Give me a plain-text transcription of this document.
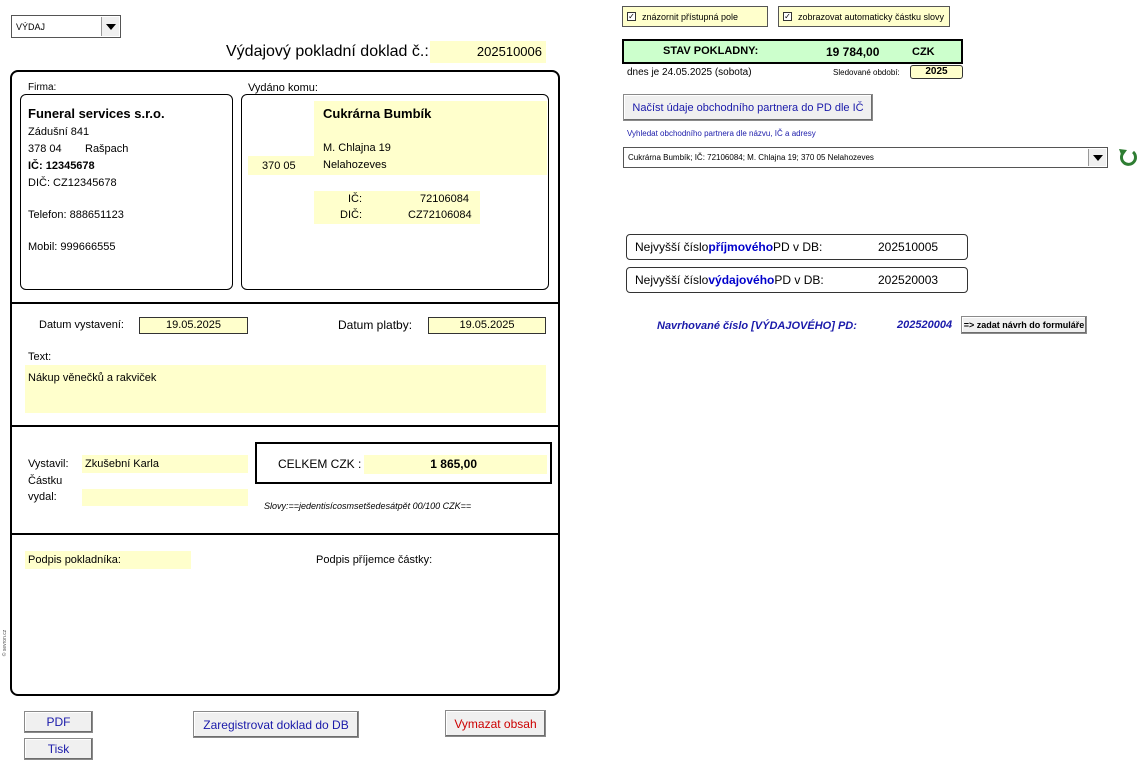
VÝDAJ
Výdajový pokladní doklad č.:	202510006
Firma:
Funeral services s.r.o.
Zádušní 841
378 04 Rašpach
IČ: 12345678
DIČ: CZ12345678
Telefon: 888651123
Mobil: 999666555
Vydáno komu:
Cukrárna Bumbík
M. Chlajna 19
370 05 Nelahozeves
IČ:	72106084
DIČ:	CZ72106084
Datum vystavení:	19.05.2025	Datum platby:	19.05.2025
Text:
Nákup věnečků a rakviček
Vystavil: Zkušební Karla
Částku
vydal:
CELKEM CZK :	1 865,00
Slovy:==jedentisícosmsetšedesátpět 00/100 CZK==
Podpis pokladníka:	Podpis příjemce částky:
© sevron.cz
PDF
Tisk
Zaregistrovat doklad do DB	Vymazat obsah
✓ znázornit přístupná pole	✓ zobrazovat automaticky částku slovy
STAV POKLADNY:	19 784,00	CZK
dnes je 24.05.2025 (sobota)	Sledované období:	2025
Načíst údaje obchodního partnera do PD dle IČ
Vyhledat obchodního partnera dle názvu, IČ a adresy
Cukrárna Bumbík; IČ: 72106084; M. Chlajna 19; 370 05 Nelahozeves
Nejvyšší číslo příjmového PD v DB:	202510005
Nejvyšší číslo výdajového PD v DB:	202520003
Navrhované číslo [VÝDAJOVÉHO] PD:	202520004 => zadat návrh do formuláře
